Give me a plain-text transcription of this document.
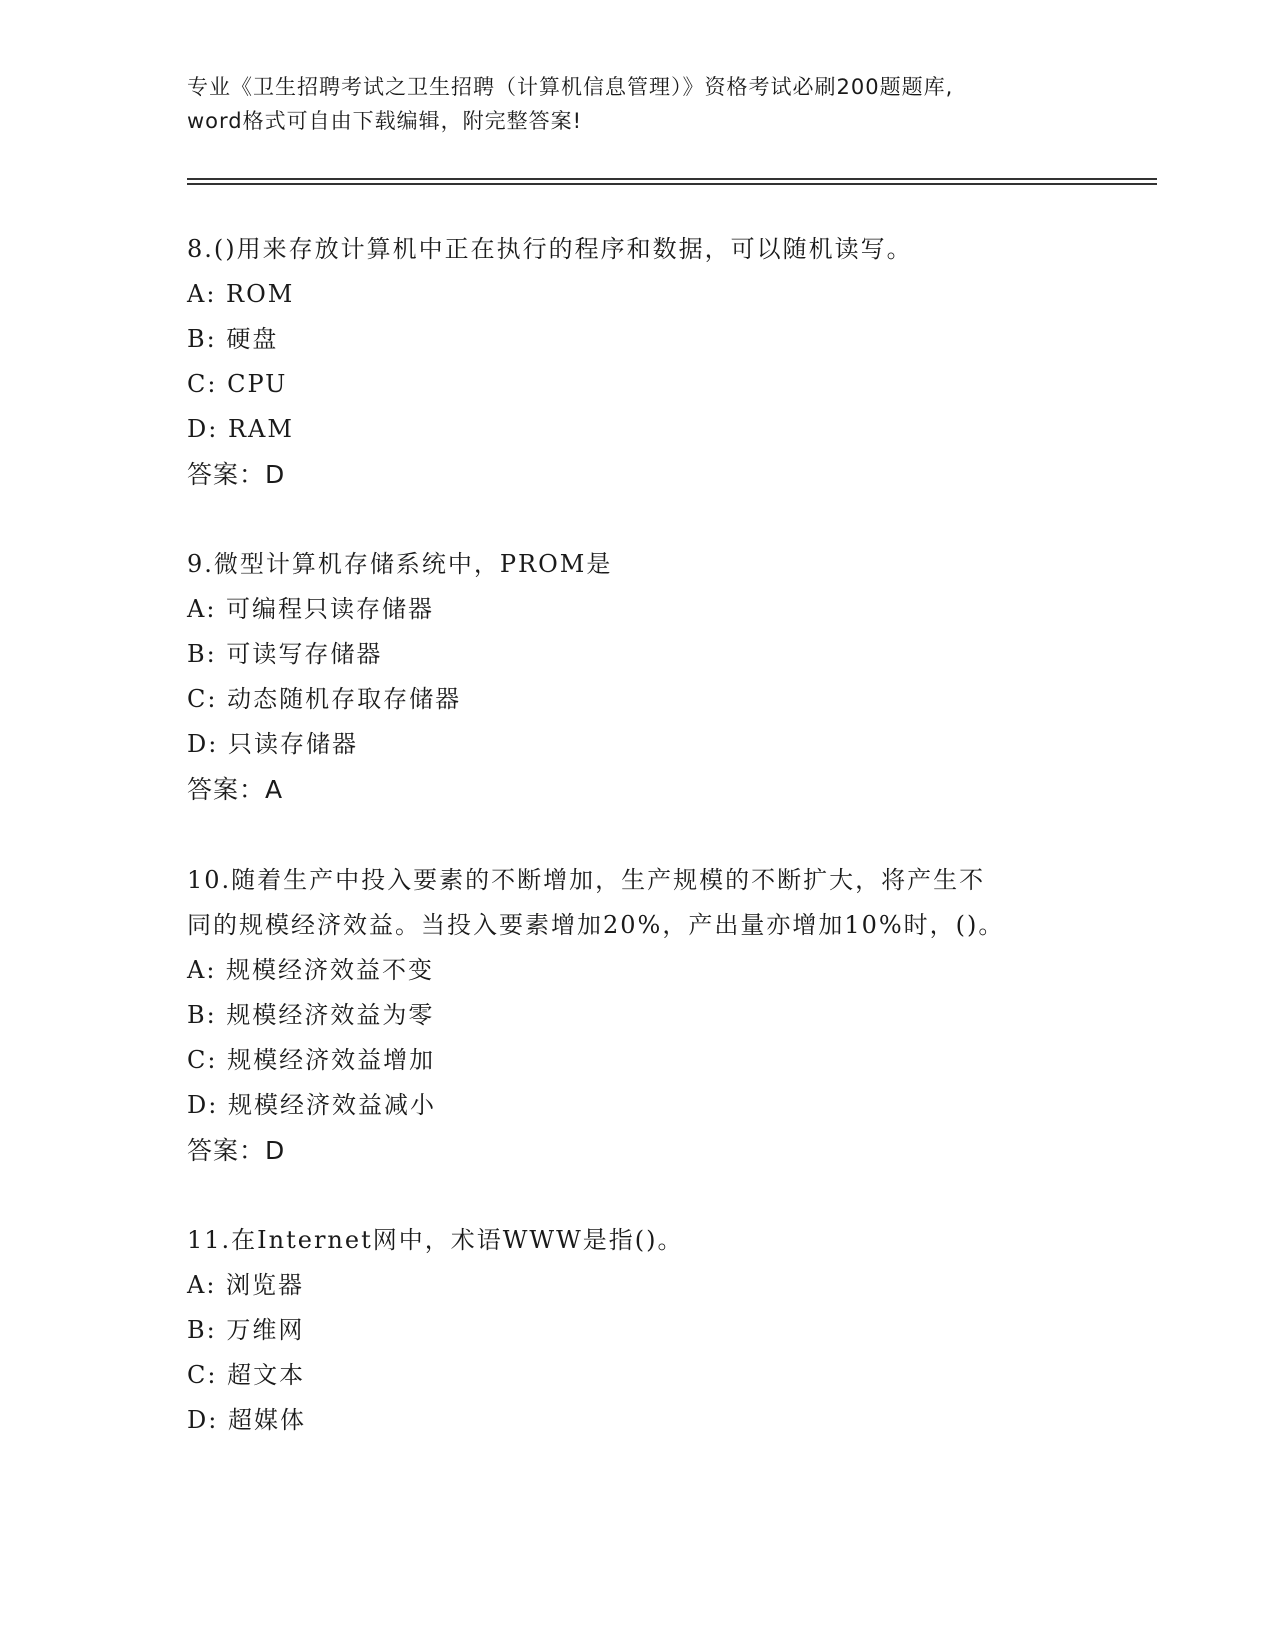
专业《卫生招聘考试之卫生招聘（计算机信息管理）》资格考试必刷200题题库,
word格式可自由下载编辑，附完整答案!
8.()用来存放计算机中正在执行的程序和数据，可以随机读写。
A: ROM
B: 硬盘
C: CPU
D: RAM
答案：D
9.微型计算机存储系统中，PROM是
A: 可编程只读存储器
B: 可读写存储器
C: 动态随机存取存储器
D: 只读存储器
答案：A
10.随着生产中投入要素的不断增加，生产规模的不断扩大，将产生不
同的规模经济效益。当投入要素增加20%，产出量亦增加10%时，()。
A: 规模经济效益不变
B: 规模经济效益为零
C: 规模经济效益增加
D: 规模经济效益减小
答案：D
11.在Internet网中，术语WWW是指()。
A: 浏览器
B: 万维网
C: 超文本
D: 超媒体
